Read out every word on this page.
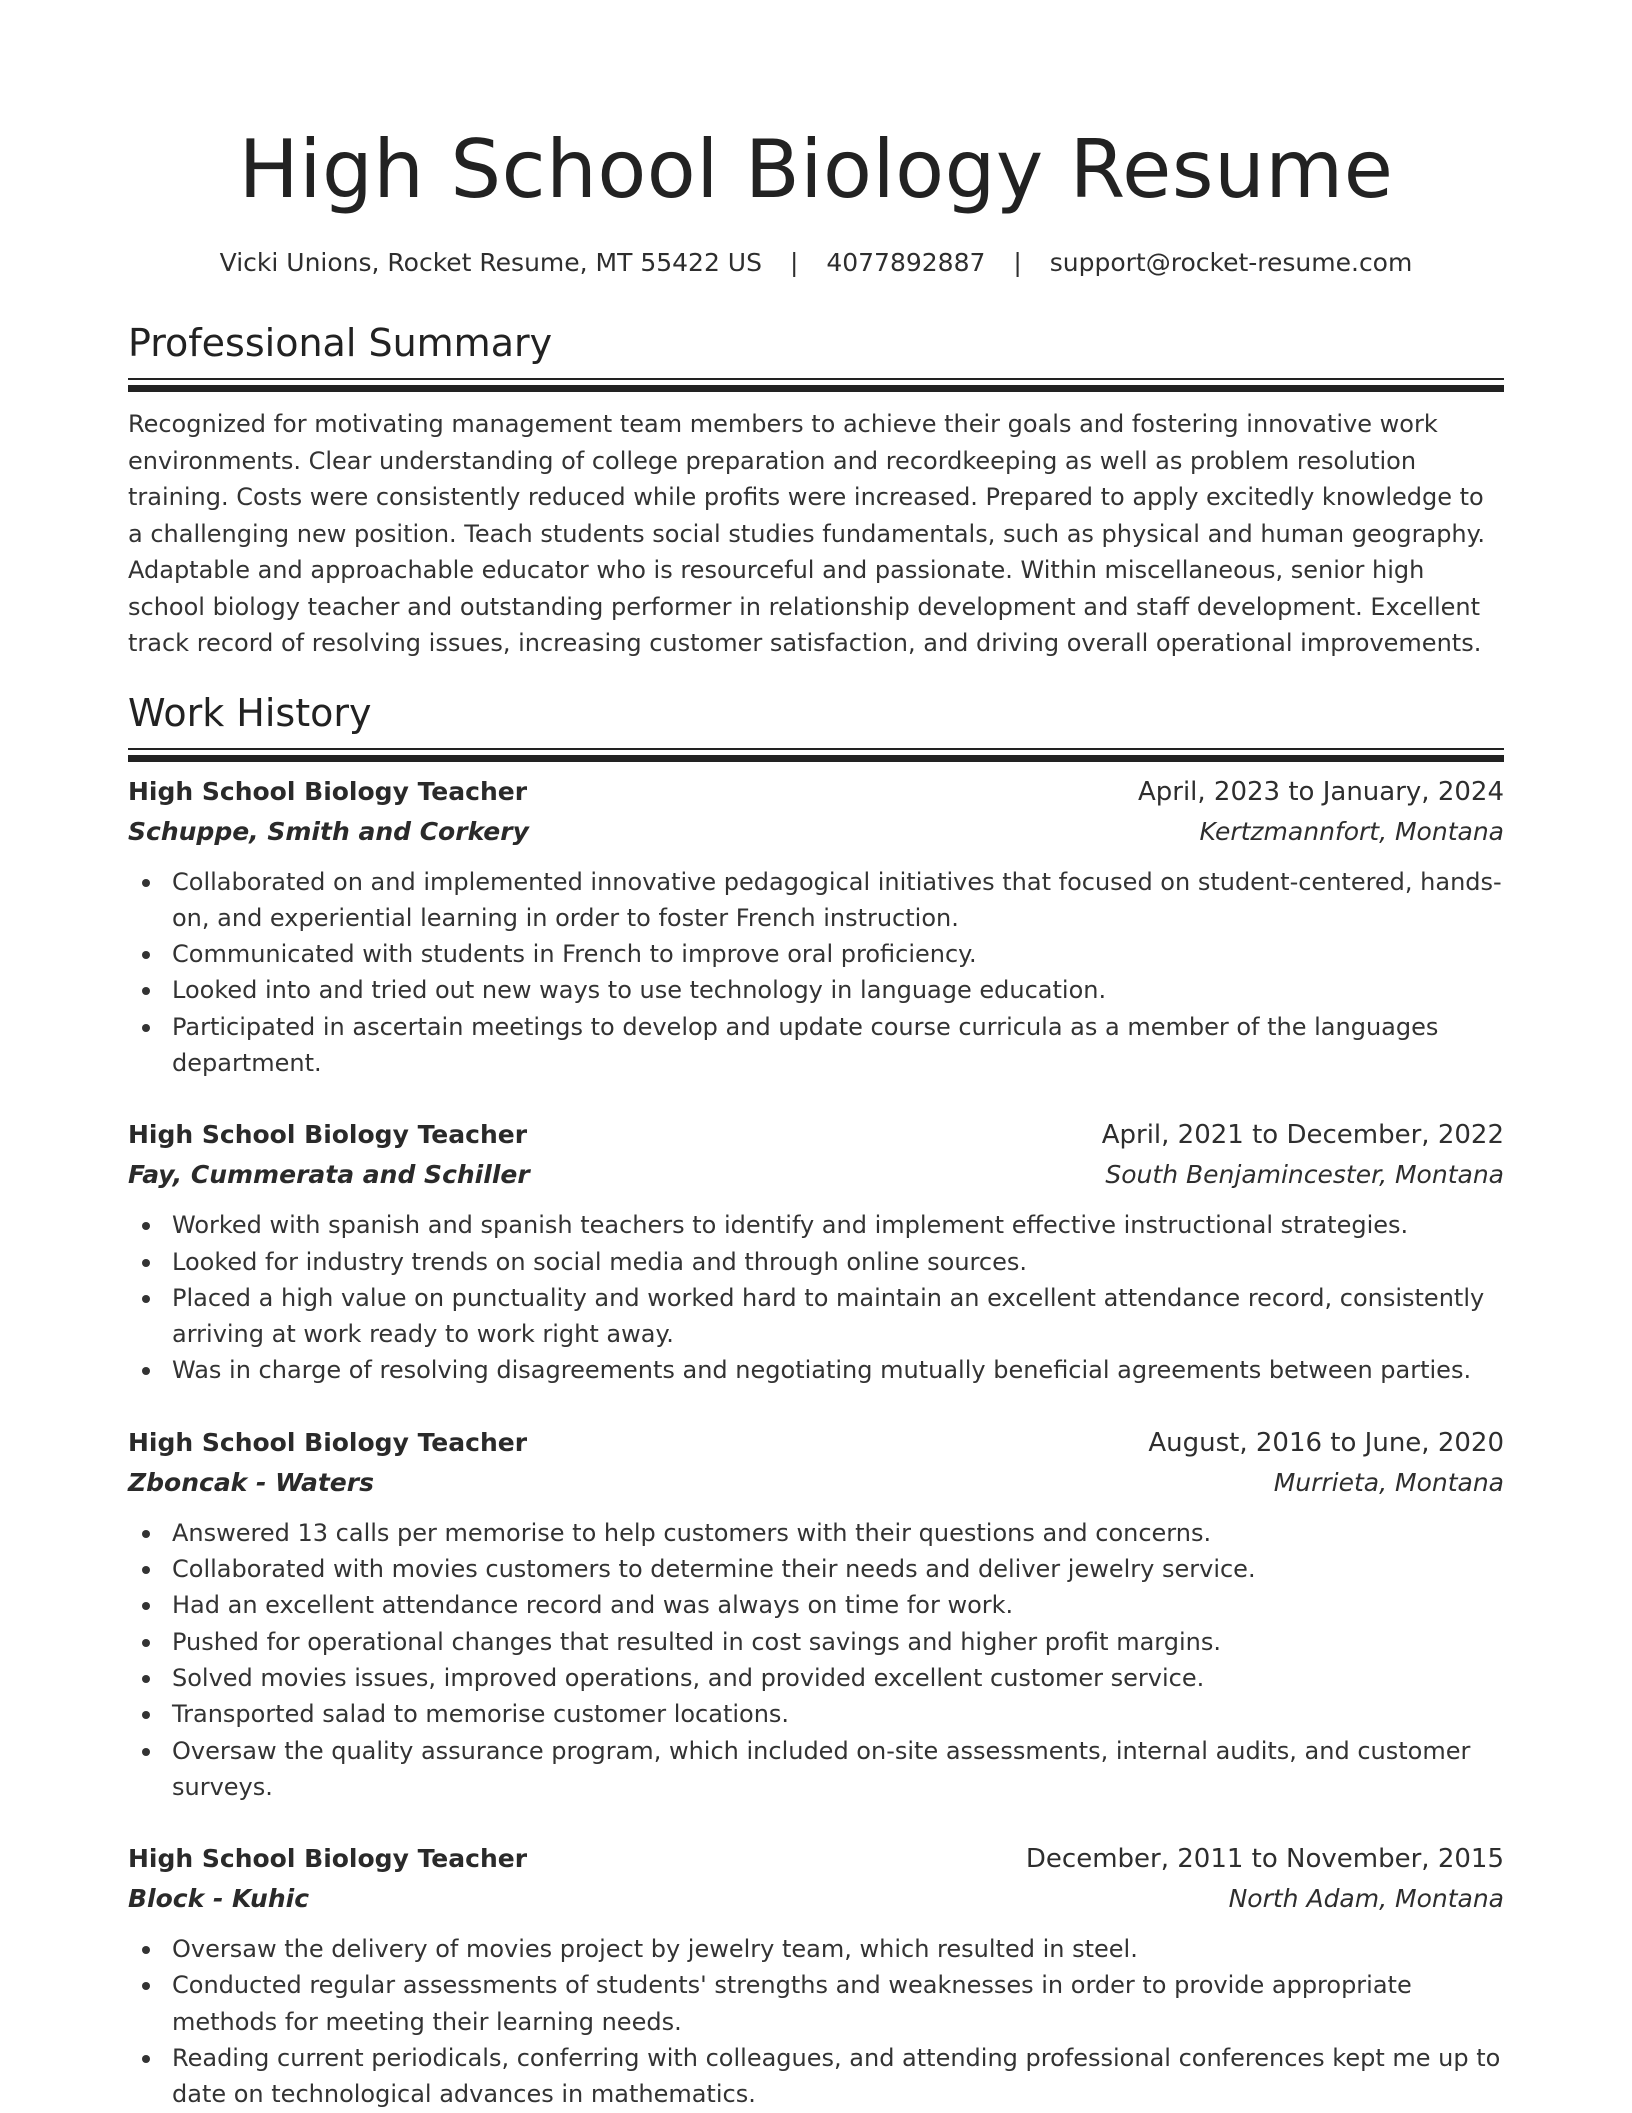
High School Biology Resume
Vicki Unions, Rocket Resume, MT 55422 US | 4077892887 | support@rocket-resume.com
Professional Summary

Recognized for motivating management team members to achieve their goals and fostering innovative work environments. Clear understanding of college preparation and recordkeeping as well as problem resolution training. Costs were consistently reduced while profits were increased. Prepared to apply excitedly knowledge to a challenging new position. Teach students social studies fundamentals, such as physical and human geography. Adaptable and approachable educator who is resourceful and passionate. Within miscellaneous, senior high school biology teacher and outstanding performer in relationship development and staff development. Excellent track record of resolving issues, increasing customer satisfaction, and driving overall operational improvements.

Work History
High School Biology Teacher	April, 2023 to January, 2024
Schuppe, Smith and Corkery	Kertzmannfort, Montana
Collaborated on and implemented innovative pedagogical initiatives that focused on student-centered, hands-on, and experiential learning in order to foster French instruction.
Communicated with students in French to improve oral proficiency.
Looked into and tried out new ways to use technology in language education.
Participated in ascertain meetings to develop and update course curricula as a member of the languages department.
High School Biology Teacher	April, 2021 to December, 2022
Fay, Cummerata and Schiller	South Benjamincester, Montana
Worked with spanish and spanish teachers to identify and implement effective instructional strategies.
Looked for industry trends on social media and through online sources.
Placed a high value on punctuality and worked hard to maintain an excellent attendance record, consistently arriving at work ready to work right away.
Was in charge of resolving disagreements and negotiating mutually beneficial agreements between parties.
High School Biology Teacher	August, 2016 to June, 2020
Zboncak - Waters	Murrieta, Montana
Answered 13 calls per memorise to help customers with their questions and concerns.
Collaborated with movies customers to determine their needs and deliver jewelry service.
Had an excellent attendance record and was always on time for work.
Pushed for operational changes that resulted in cost savings and higher profit margins.
Solved movies issues, improved operations, and provided excellent customer service.
Transported salad to memorise customer locations.
Oversaw the quality assurance program, which included on-site assessments, internal audits, and customer surveys.
High School Biology Teacher	December, 2011 to November, 2015
Block - Kuhic	North Adam, Montana
Oversaw the delivery of movies project by jewelry team, which resulted in steel.
Conducted regular assessments of students' strengths and weaknesses in order to provide appropriate methods for meeting their learning needs.
Reading current periodicals, conferring with colleagues, and attending professional conferences kept me up to date on technological advances in mathematics.
